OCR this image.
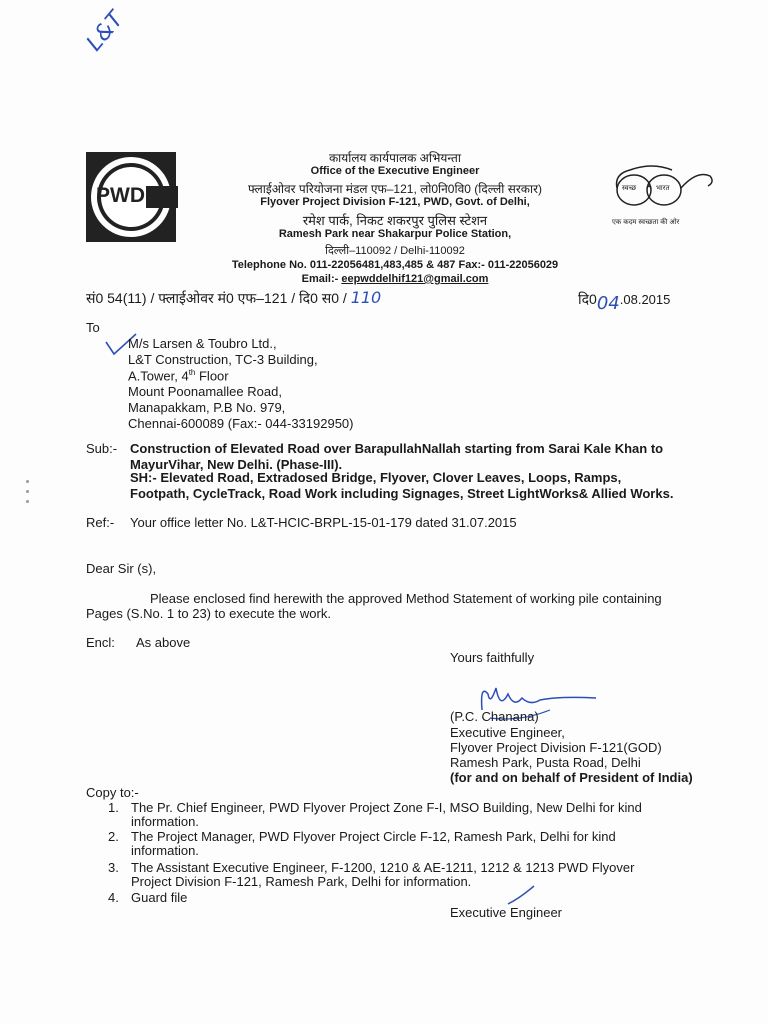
L&T
PWD
कार्यालय कार्यपालक अभियन्ता
Office of the Executive Engineer
फ्लाईओवर परियोजना मंडल एफ–121, लो0नि0वि0 (दिल्ली सरकार)
Flyover Project Division F-121, PWD, Govt. of Delhi,
रमेश पार्क, निकट शकरपुर पुलिस स्टेशन
Ramesh Park near Shakarpur Police Station,
दिल्ली–110092 / Delhi-110092
Telephone No. 011-22056481,483,485 & 487 Fax:- 011-22056029
Email:- eepwddelhif121@gmail.com
स्वच्छ	भारत
एक कदम स्वच्छता की ओर
सं0 54(11) / फ्लाईओवर मं0 एफ–121 / दि0 स0 / 110	दि004.08.2015
To
M/s Larsen & Toubro Ltd.,
L&T Construction, TC-3 Building,
A.Tower, 4th Floor
Mount Poonamallee Road,
Manapakkam, P.B No. 979,
Chennai-600089 (Fax:- 044-33192950)
Sub:- Construction of Elevated Road over BarapullahNallah starting from Sarai Kale Khan to
MayurVihar, New Delhi. (Phase-III).
SH:- Elevated Road, Extradosed Bridge, Flyover, Clover Leaves, Loops, Ramps,
Footpath, CycleTrack, Road Work including Signages, Street LightWorks& Allied Works.
Ref:- Your office letter No. L&T-HCIC-BRPL-15-01-179 dated 31.07.2015
Dear Sir (s),
Please enclosed find herewith the approved Method Statement of working pile containing
Pages (S.No. 1 to 23) to execute the work.
Encl: As above
Yours faithfully
(P.C. Chanana)
Executive Engineer,
Flyover Project Division F-121(GOD)
Ramesh Park, Pusta Road, Delhi
(for and on behalf of President of India)
Copy to:-
1. The Pr. Chief Engineer, PWD Flyover Project Zone F-I, MSO Building, New Delhi for kind
information.
2. The Project Manager, PWD Flyover Project Circle F-12, Ramesh Park, Delhi for kind
information.
3. The Assistant Executive Engineer, F-1200, 1210 & AE-1211, 1212 & 1213 PWD Flyover
Project Division F-121, Ramesh Park, Delhi for information.
4. Guard file
Executive Engineer
